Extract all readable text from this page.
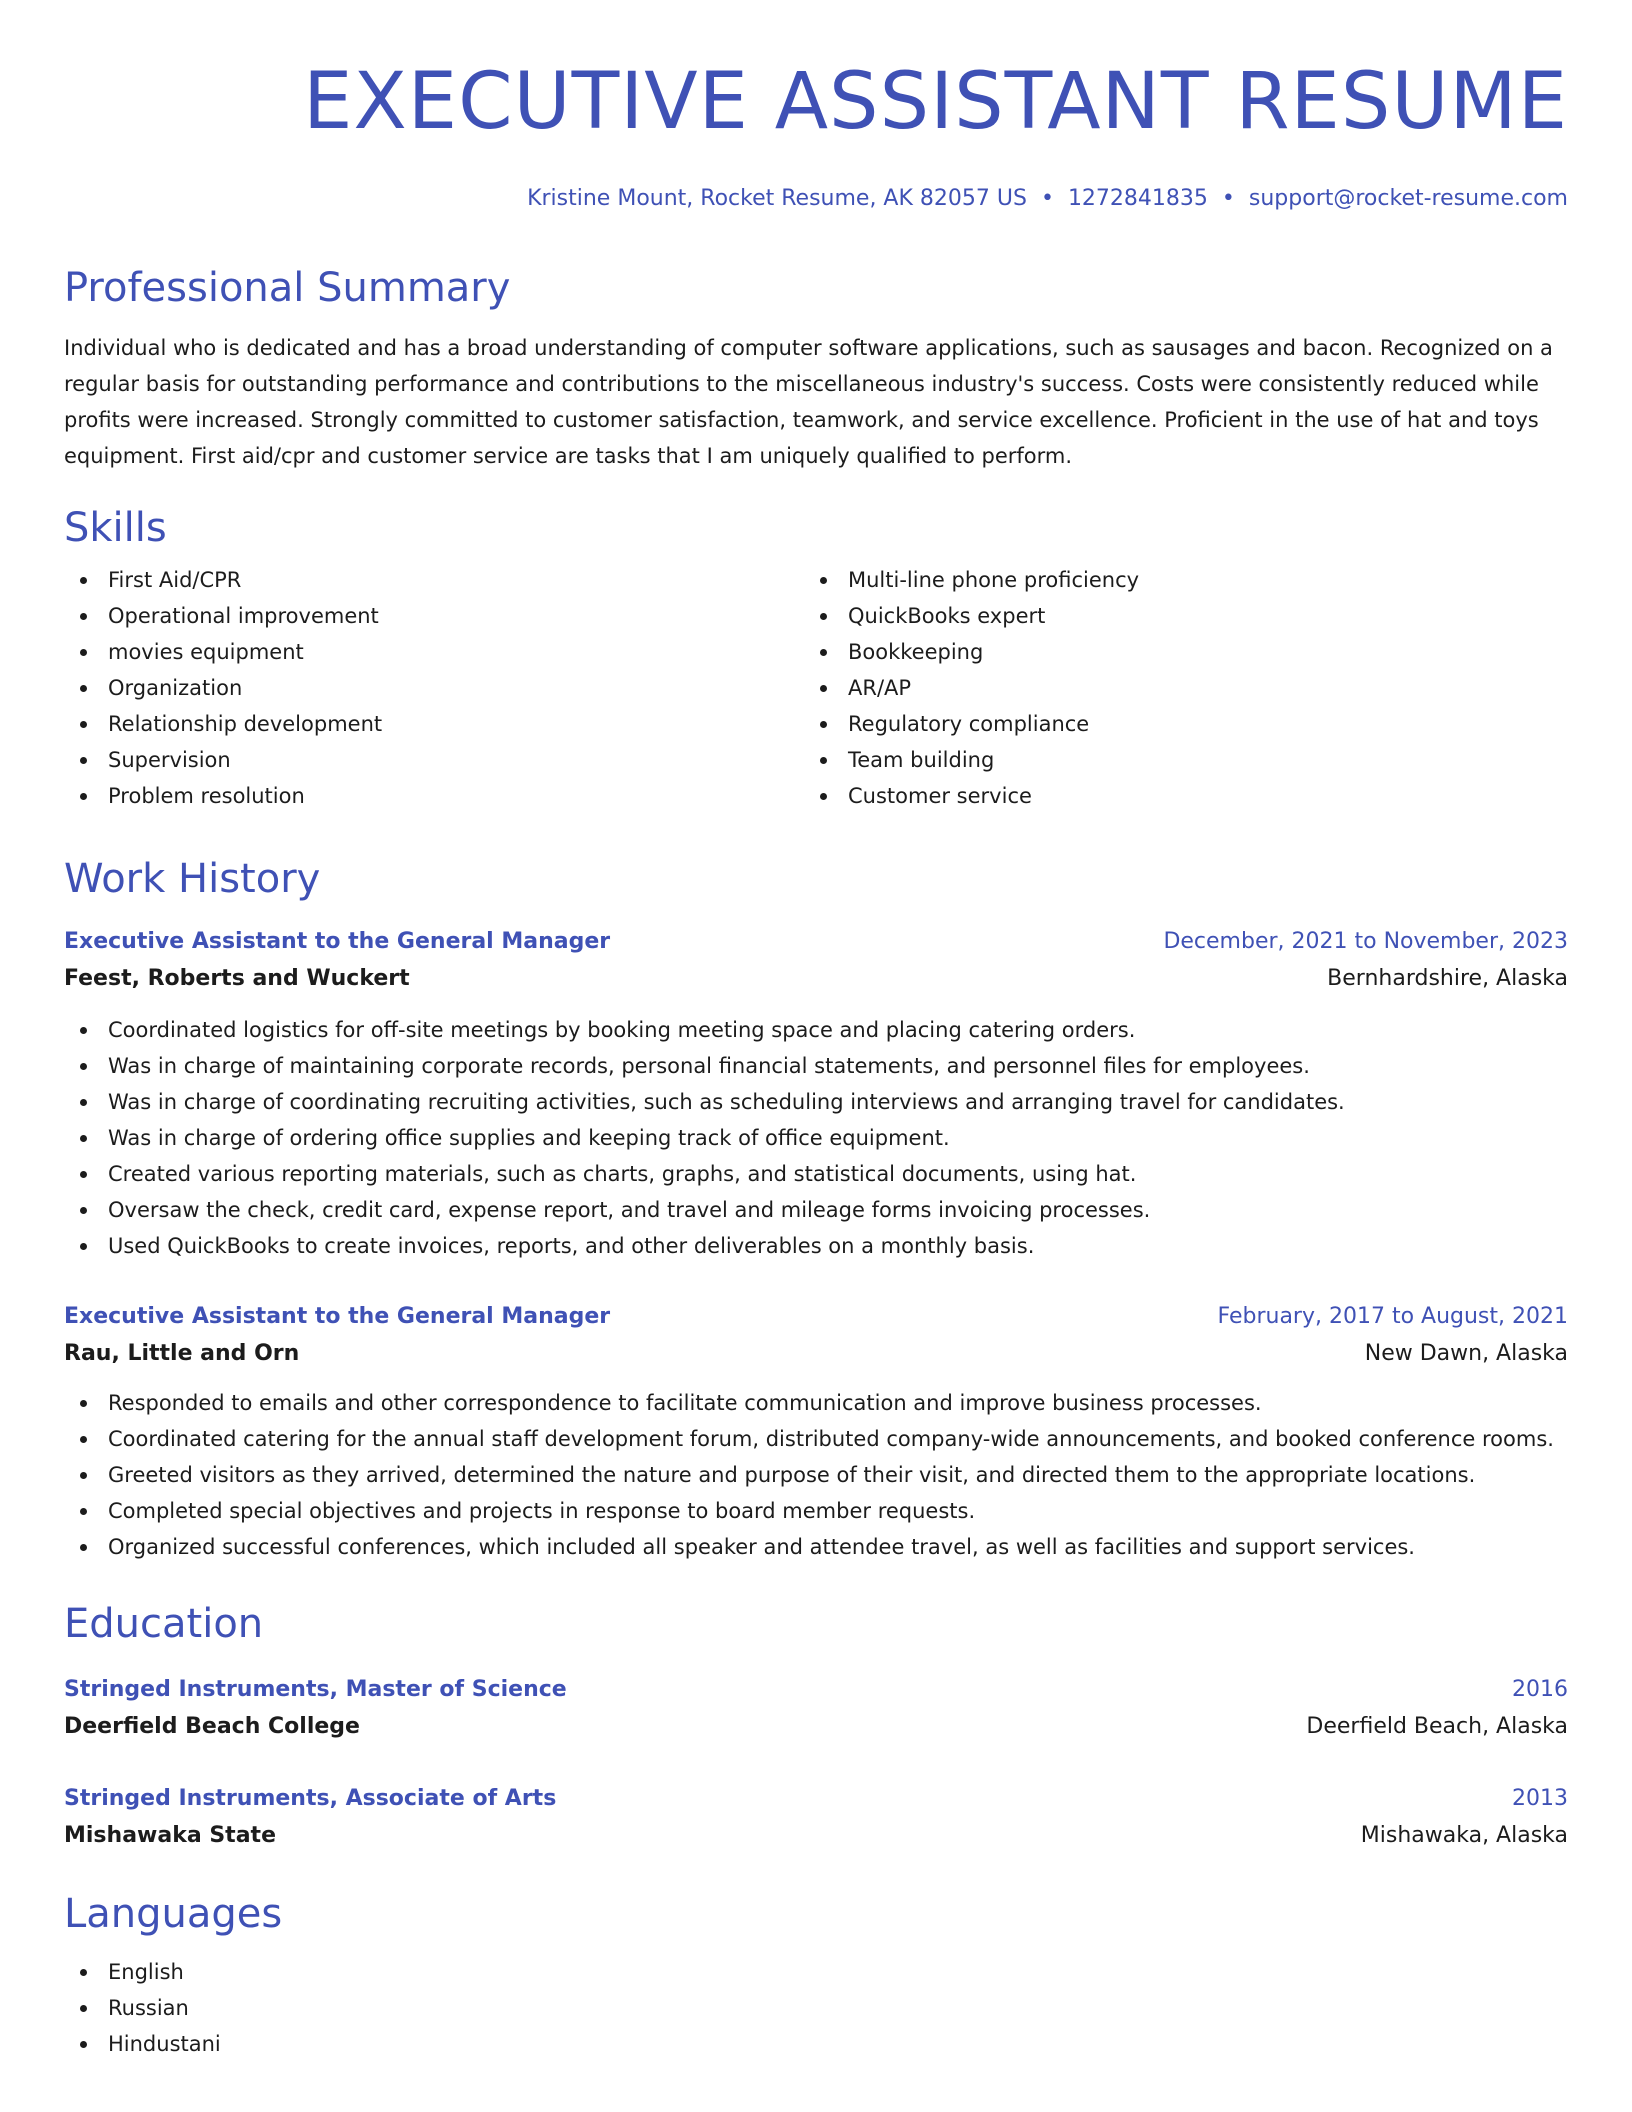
EXECUTIVE ASSISTANT RESUME
Kristine Mount, Rocket Resume, AK 82057 US • 1272841835 • support@rocket-resume.com
Professional Summary

Individual who is dedicated and has a broad understanding of computer software applications, such as sausages and bacon. Recognized on a regular basis for outstanding performance and contributions to the miscellaneous industry's success. Costs were consistently reduced while profits were increased. Strongly committed to customer satisfaction, teamwork, and service excellence. Proficient in the use of hat and toys equipment. First aid/cpr and customer service are tasks that I am uniquely qualified to perform.

Skills
First Aid/CPR
Operational improvement
movies equipment
Organization
Relationship development
Supervision
Problem resolution
Multi-line phone proficiency
QuickBooks expert
Bookkeeping
AR/AP
Regulatory compliance
Team building
Customer service
Work History
Executive Assistant to the General Manager	December, 2021 to November, 2023
Feest, Roberts and Wuckert	Bernhardshire, Alaska
Coordinated logistics for off-site meetings by booking meeting space and placing catering orders.
Was in charge of maintaining corporate records, personal financial statements, and personnel files for employees.
Was in charge of coordinating recruiting activities, such as scheduling interviews and arranging travel for candidates.
Was in charge of ordering office supplies and keeping track of office equipment.
Created various reporting materials, such as charts, graphs, and statistical documents, using hat.
Oversaw the check, credit card, expense report, and travel and mileage forms invoicing processes.
Used QuickBooks to create invoices, reports, and other deliverables on a monthly basis.
Executive Assistant to the General Manager	February, 2017 to August, 2021
Rau, Little and Orn	New Dawn, Alaska
Responded to emails and other correspondence to facilitate communication and improve business processes.
Coordinated catering for the annual staff development forum, distributed company-wide announcements, and booked conference rooms.
Greeted visitors as they arrived, determined the nature and purpose of their visit, and directed them to the appropriate locations.
Completed special objectives and projects in response to board member requests.
Organized successful conferences, which included all speaker and attendee travel, as well as facilities and support services.
Education
Stringed Instruments, Master of Science	2016
Deerfield Beach College	Deerfield Beach, Alaska
Stringed Instruments, Associate of Arts	2013
Mishawaka State	Mishawaka, Alaska
Languages
English
Russian
Hindustani
